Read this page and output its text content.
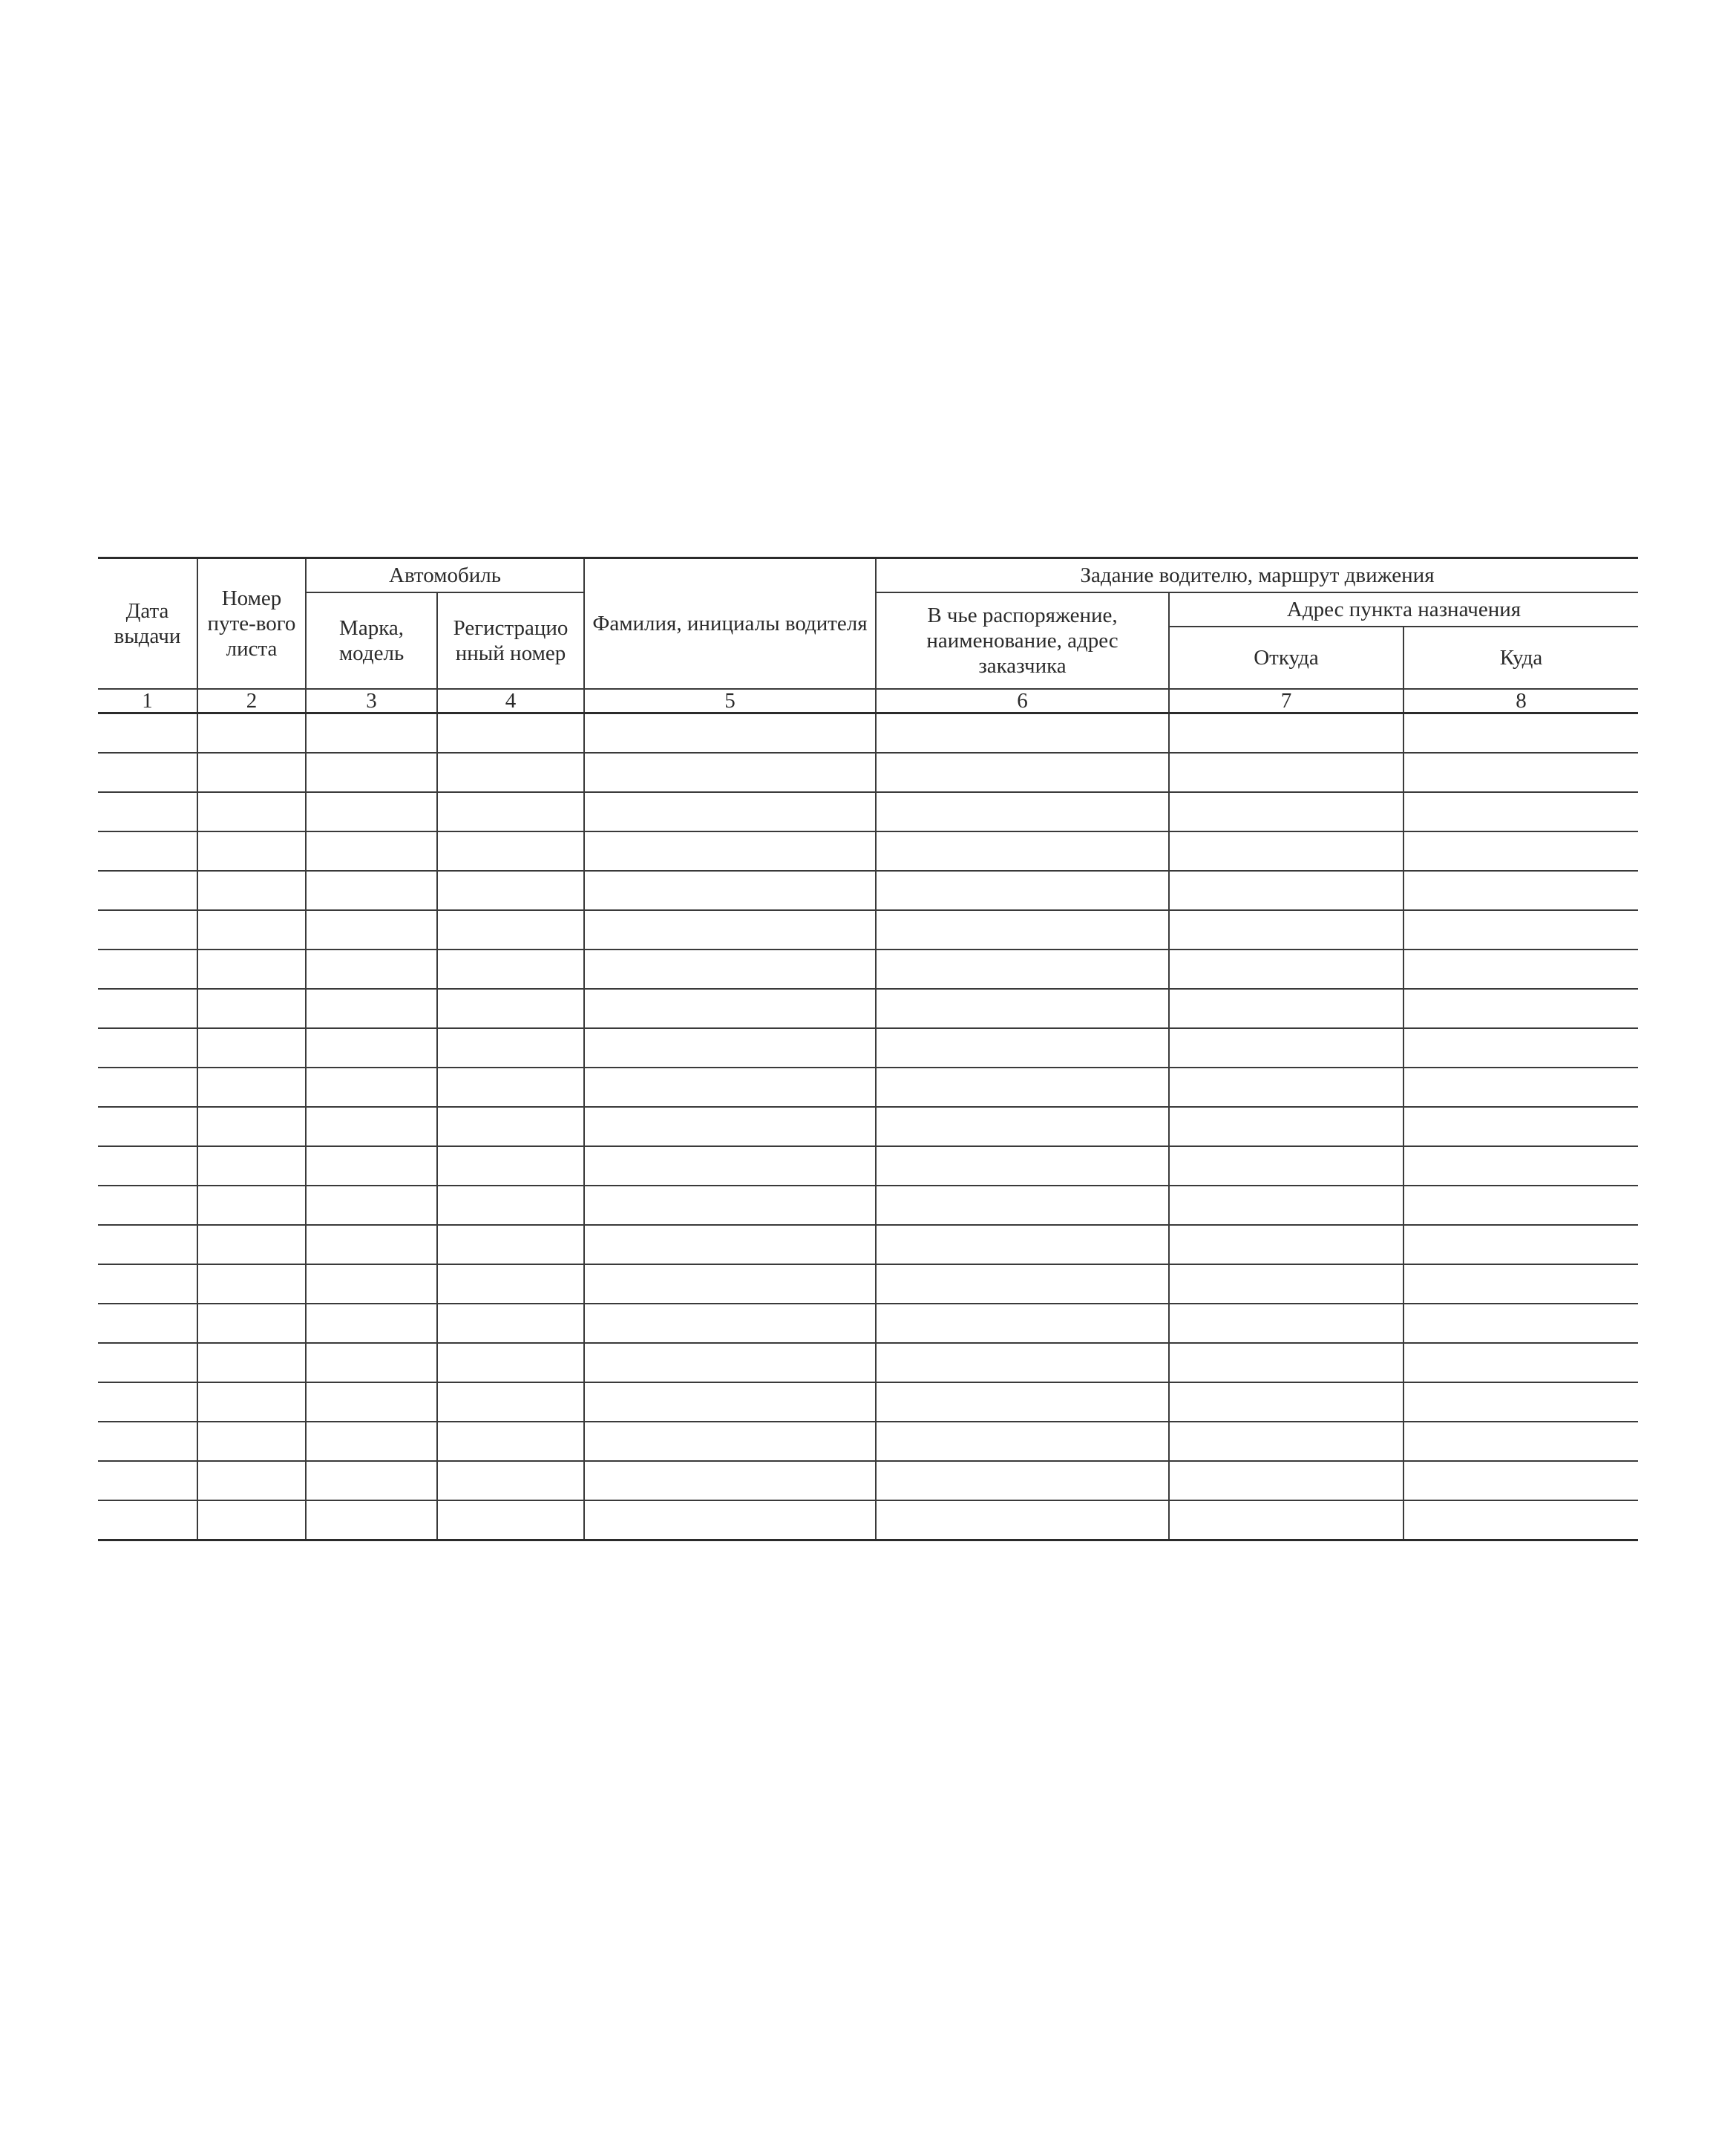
Дата выдачи	Номер путе-вого листа	Автомобиль		Фамилия, инициалы водителя	Задание водителю, маршрут движения		
		Марка, модель	Регистрацио нный номер		В чье распоряжение, наименование, адрес заказчика	Адрес пункта назначения	
						Откуда	Куда
1	2	3	4	5	6	7	8
